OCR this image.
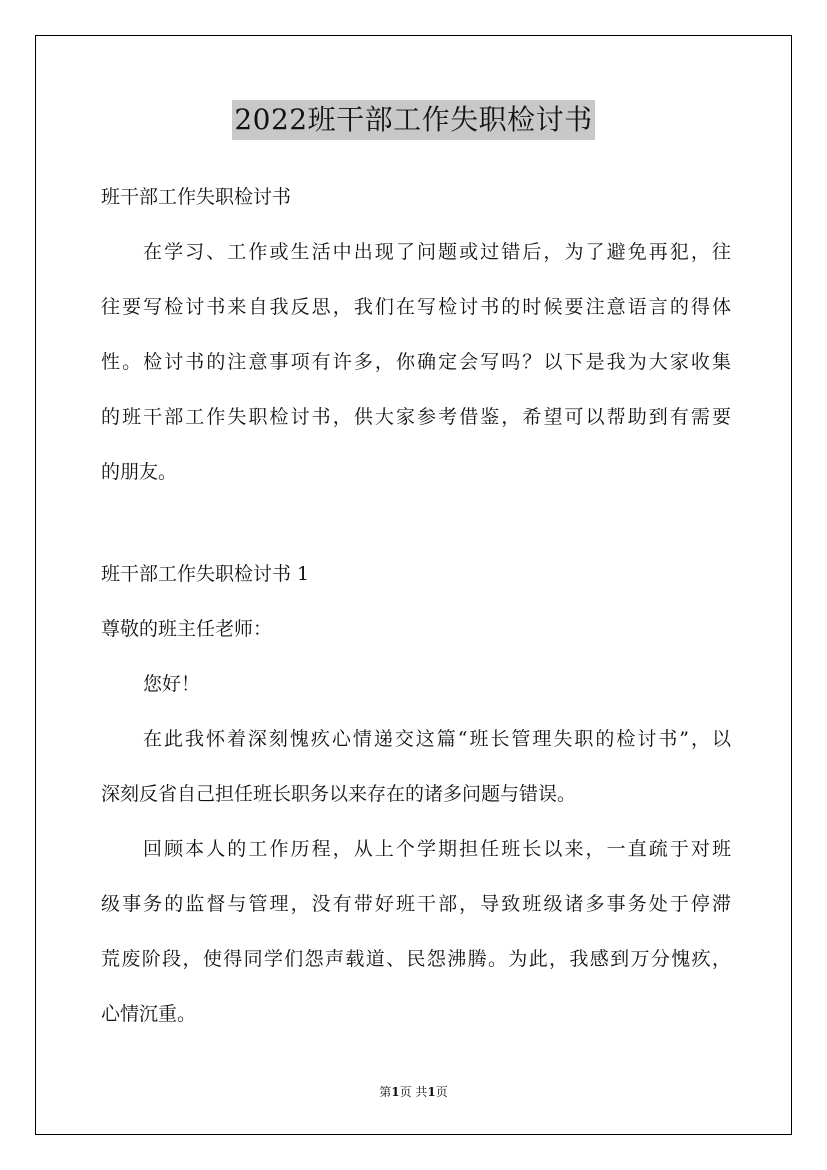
2022班干部工作失职检讨书
班干部工作失职检讨书
在学习、工作或生活中出现了问题或过错后，为了避免再犯，往
往要写检讨书来自我反思，我们在写检讨书的时候要注意语言的得体
性。检讨书的注意事项有许多，你确定会写吗？以下是我为大家收集
的班干部工作失职检讨书，供大家参考借鉴，希望可以帮助到有需要
的朋友。
班干部工作失职检讨书 1
尊敬的班主任老师：
您好！
在此我怀着深刻愧疚心情递交这篇“班长管理失职的检讨书”，以
深刻反省自己担任班长职务以来存在的诸多问题与错误。
回顾本人的工作历程，从上个学期担任班长以来，一直疏于对班
级事务的监督与管理，没有带好班干部，导致班级诸多事务处于停滞
荒废阶段，使得同学们怨声载道、民怨沸腾。为此，我感到万分愧疚，
心情沉重。
第1页 共1页
